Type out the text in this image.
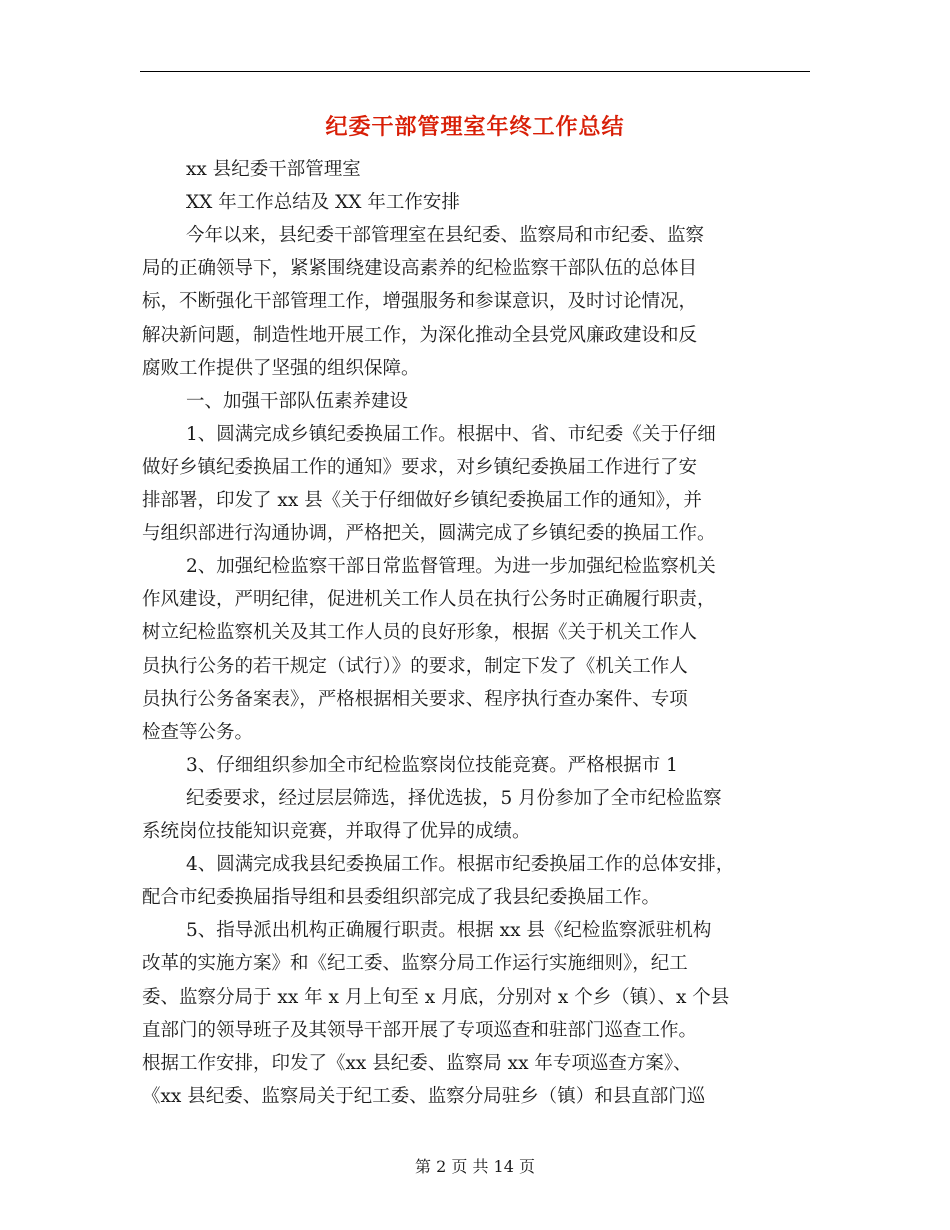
纪委干部管理室年终工作总结
xx 县纪委干部管理室
XX 年工作总结及 XX 年工作安排
今年以来，县纪委干部管理室在县纪委、监察局和市纪委、监察
局的正确领导下，紧紧围绕建设高素养的纪检监察干部队伍的总体目
标，不断强化干部管理工作，增强服务和参谋意识，及时讨论情况，
解决新问题，制造性地开展工作，为深化推动全县党风廉政建设和反
腐败工作提供了坚强的组织保障。
一、加强干部队伍素养建设
1、圆满完成乡镇纪委换届工作。根据中、省、市纪委《关于仔细
做好乡镇纪委换届工作的通知》要求，对乡镇纪委换届工作进行了安
排部署，印发了 xx 县《关于仔细做好乡镇纪委换届工作的通知》，并
与组织部进行沟通协调，严格把关，圆满完成了乡镇纪委的换届工作。
2、加强纪检监察干部日常监督管理。为进一步加强纪检监察机关
作风建设，严明纪律，促进机关工作人员在执行公务时正确履行职责，
树立纪检监察机关及其工作人员的良好形象，根据《关于机关工作人
员执行公务的若干规定（试行）》的要求，制定下发了《机关工作人
员执行公务备案表》，严格根据相关要求、程序执行查办案件、专项
检查等公务。
3、仔细组织参加全市纪检监察岗位技能竞赛。严格根据市 1
纪委要求，经过层层筛选，择优选拔，5 月份参加了全市纪检监察
系统岗位技能知识竞赛，并取得了优异的成绩。
4、圆满完成我县纪委换届工作。根据市纪委换届工作的总体安排，
配合市纪委换届指导组和县委组织部完成了我县纪委换届工作。
5、指导派出机构正确履行职责。根据 xx 县《纪检监察派驻机构
改革的实施方案》和《纪工委、监察分局工作运行实施细则》，纪工
委、监察分局于 xx 年 x 月上旬至 x 月底，分别对 x 个乡（镇）、x 个县
直部门的领导班子及其领导干部开展了专项巡查和驻部门巡查工作。
根据工作安排，印发了《xx 县纪委、监察局 xx 年专项巡查方案》、
《xx 县纪委、监察局关于纪工委、监察分局驻乡（镇）和县直部门巡
第 2 页 共 14 页
